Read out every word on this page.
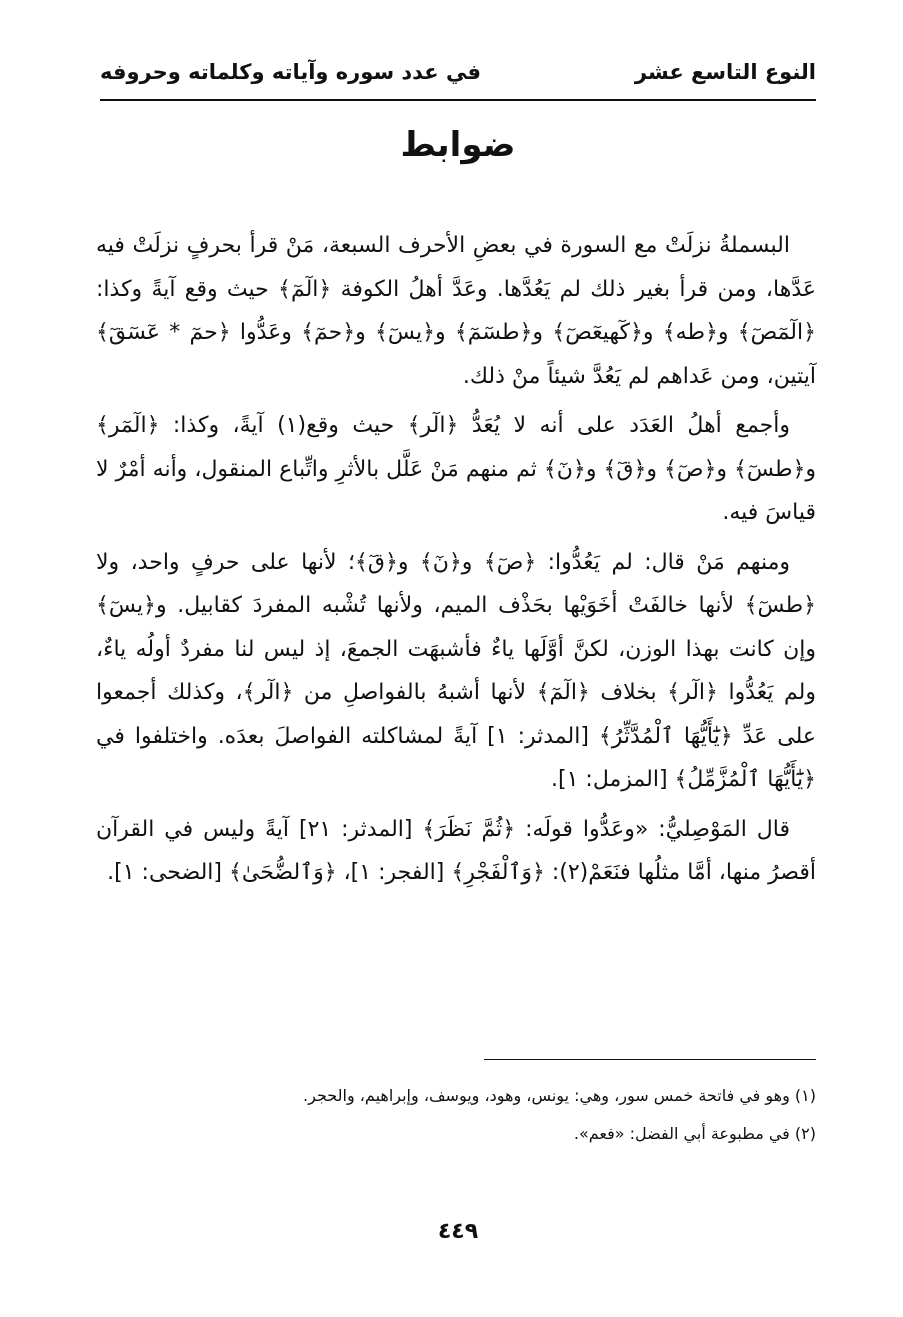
النوع التاسع عشر
في عدد سوره وآياته وكلماته وحروفه
ضوابط

البسملةُ نزلَتْ مع السورة في بعضِ الأحرف السبعة، مَنْ قرأ بحرفٍ نزلَتْ فيه عَدَّها، ومن قرأ بغير ذلك لم يَعُدَّها. وعَدَّ أهلُ الكوفة ﴿الٓمٓ﴾ حيث وقع آيةً وكذا: ﴿الٓمٓصٓ﴾ و﴿طه﴾ و﴿كٓهيعٓصٓ﴾ و﴿طسٓمٓ﴾ و﴿يسٓ﴾ و﴿حمٓ﴾ وعَدُّوا ﴿حمٓ * عٓسٓقٓ﴾ آيتين، ومن عَداهم لم يَعُدَّ شيئاً منْ ذلك.

وأجمع أهلُ العَدَد على أنه لا يُعَدُّ ﴿الٓر﴾ حيث وقع(١) آيةً، وكذا: ﴿الٓمٓر﴾ و﴿طسٓ﴾ و﴿صٓ﴾ و﴿قٓ﴾ و﴿نٓ﴾ ثم منهم مَنْ عَلَّل بالأثرِ واتِّباع المنقول، وأنه أمْرٌ لا قياسَ فيه.

ومنهم مَنْ قال: لم يَعُدُّوا: ﴿صٓ﴾ و﴿نٓ﴾ و﴿قٓ﴾؛ لأنها على حرفٍ واحد، ولا ﴿طسٓ﴾ لأنها خالفَتْ أخَوَيْها بحَذْف الميم، ولأنها تُشْبه المفردَ كقابيل. و﴿يسٓ﴾ وإن كانت بهذا الوزن، لكنَّ أوَّلَها ياءٌ فأشبهَت الجمعَ، إذ ليس لنا مفردٌ أولُه ياءٌ، ولم يَعُدُّوا ﴿الٓر﴾ بخلاف ﴿الٓمٓ﴾ لأنها أشبهُ بالفواصلِ من ﴿الٓر﴾، وكذلك أجمعوا على عَدِّ ﴿يَٰٓأَيُّهَا ٱلْمُدَّثِّرُ﴾ [المدثر: ١] آيةً لمشاكلته الفواصلَ بعدَه. واختلفوا في ﴿يَٰٓأَيُّهَا ٱلْمُزَّمِّلُ﴾ [المزمل: ١].

قال المَوْصِليُّ: «وعَدُّوا قولَه: ﴿ثُمَّ نَظَرَ﴾ [المدثر: ٢١] آيةً وليس في القرآن أقصرُ منها، أمَّا مثلُها فنَعَمْ(٢): ﴿وَٱلْفَجْرِ﴾ [الفجر: ١]، ﴿وَٱلضُّحَىٰ﴾ [الضحى: ١].

(١) وهو في فاتحة خمس سور، وهي: يونس، وهود، ويوسف، وإبراهيم، والحجر.

(٢) في مطبوعة أبي الفضل: «فعم».

٤٤٩
